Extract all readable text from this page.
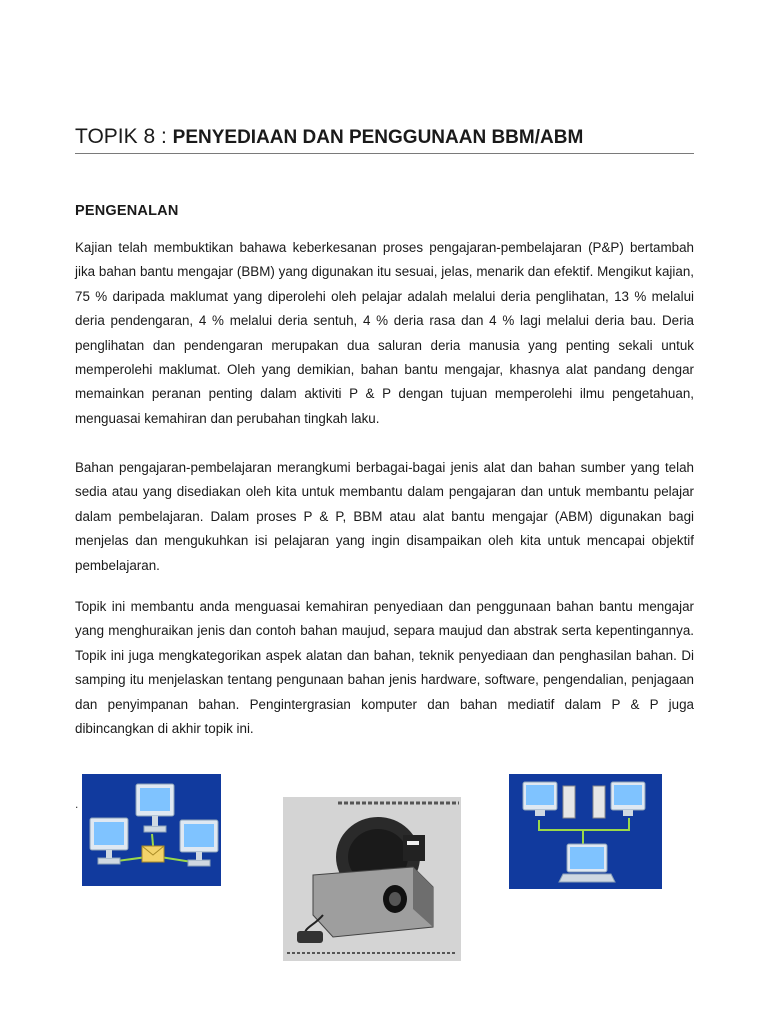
TOPIK 8 : PENYEDIAAN DAN PENGGUNAAN BBM/ABM
PENGENALAN

Kajian telah membuktikan bahawa keberkesanan proses pengajaran-pembelajaran (P&P) bertambah jika bahan bantu mengajar (BBM) yang digunakan itu sesuai, jelas, menarik dan efektif. Mengikut kajian, 75 % daripada maklumat yang diperolehi oleh pelajar adalah melalui deria penglihatan, 13 % melalui deria pendengaran, 4 % melalui deria sentuh, 4 % deria rasa dan 4 % lagi melalui deria bau. Deria penglihatan dan pendengaran merupakan dua saluran deria manusia yang penting sekali untuk memperolehi maklumat. Oleh yang demikian, bahan bantu mengajar, khasnya alat pandang dengar memainkan peranan penting dalam aktiviti P & P dengan tujuan memperolehi ilmu pengetahuan, menguasai kemahiran dan perubahan tingkah laku.

Bahan pengajaran-pembelajaran merangkumi berbagai-bagai jenis alat dan bahan sumber yang telah sedia atau yang disediakan oleh kita untuk membantu dalam pengajaran dan untuk membantu pelajar dalam pembelajaran. Dalam proses P & P, BBM atau alat bantu mengajar (ABM) digunakan bagi menjelas dan mengukuhkan isi pelajaran yang ingin disampaikan oleh kita untuk mencapai objektif pembelajaran.

Topik ini membantu anda menguasai kemahiran penyediaan dan penggunaan bahan bantu mengajar yang menghuraikan jenis dan contoh bahan maujud, separa maujud dan abstrak serta kepentingannya. Topik ini juga mengkategorikan aspek alatan dan bahan, teknik penyediaan dan penghasilan bahan. Di samping itu menjelaskan tentang pengunaan bahan jenis hardware, software, pengendalian, penjagaan dan penyimpanan bahan. Pengintergrasian komputer dan bahan mediatif dalam P & P juga dibincangkan di akhir topik ini.

.
